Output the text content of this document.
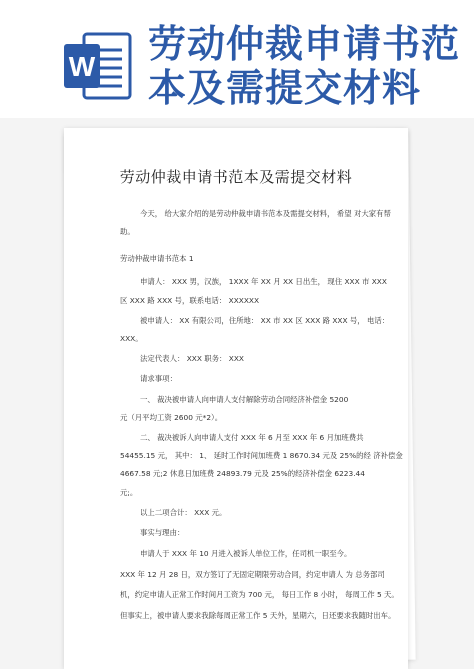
W
劳动仲裁申请书范
本及需提交材料
劳动仲裁申请书范本及需提交材料
今天， 给大家介绍的是劳动仲裁申请书范本及需提交材料， 希望 对大家有帮
助。
劳动仲裁申请书范本 1
申请人： XXX 男，汉族， 1XXX 年 XX 月 XX 日出生， 现住 XXX 市 XXX
区 XXX 路 XXX 号，联系电话： XXXXXX
被申请人： XX 有限公司，住所地： XX 市 XX 区 XXX 路 XXX 号， 电话：
XXX。
法定代表人： XXX 职务： XXX
请求事项：
一、 裁决被申请人向申请人支付解除劳动合同经济补偿金 5200
元（月平均工资 2600 元*2）。
二、 裁决被诉人向申请人支付 XXX 年 6 月至 XXX 年 6 月加班费共
54455.15 元， 其中： 1、 延时工作时间加班费 1 8670.34 元及 25%的经 济补偿金
4667.58 元;2 休息日加班费 24893.79 元及 25%的经济补偿金 6223.44
元;。
以上二项合计： XXX 元。
事实与理由：
申请人于 XXX 年 10 月进入被诉人单位工作，任司机一职至今。
XXX 年 12 月 28 日，双方签订了无固定期限劳动合同，约定申请人 为 总务部司
机，约定申请人正常工作时间月工资为 700 元， 每日工作 8 小时， 每周工作 5 天。
但事实上，被申请人要求我除每周正常工作 5 天外，星期六，日还要求我随时出车。
